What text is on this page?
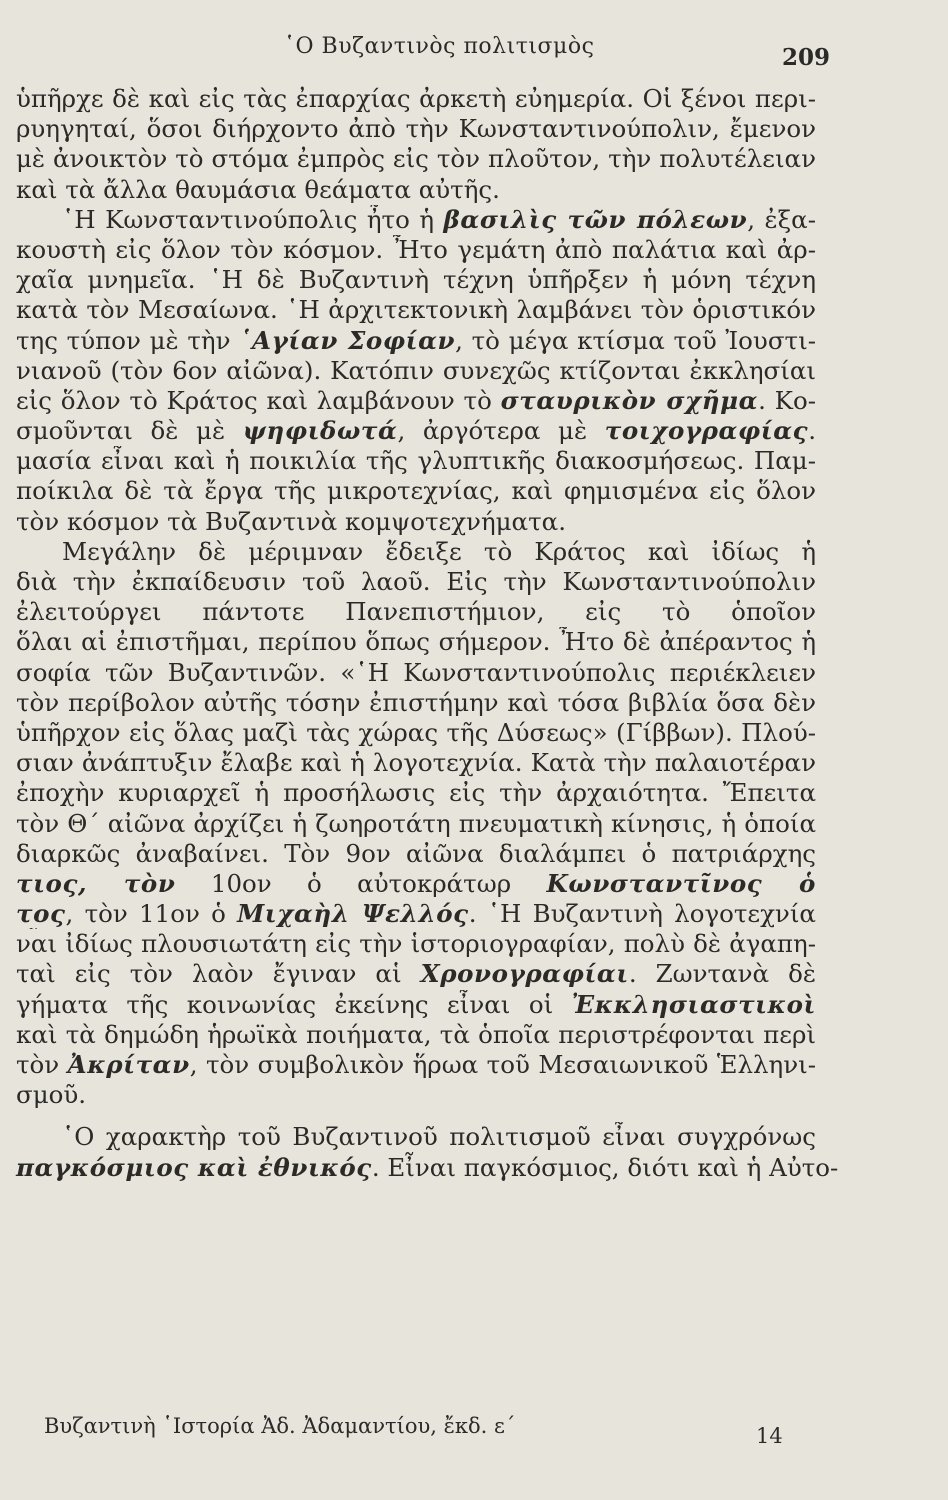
῾Ο Βυζαντινὸς πολιτισμὸς	209
ὑπῆρχε δὲ καὶ εἰς τὰς ἐπαρχίας ἀρκετὴ εὐημερία. Οἱ ξένοι περι-
ρυηγηταί, ὅσοι διήρχοντο ἀπὸ τὴν Κωνσταντινούπολιν, ἔμενον
μὲ ἀνοικτὸν τὸ στόμα ἐμπρὸς εἰς τὸν πλοῦτον, τὴν πολυτέλειαν
καὶ τὰ ἄλλα θαυμάσια θεάματα αὐτῆς.
῾Η Κωνσταντινούπολις ἦτο ἡ βασιλὶς τῶν πόλεων, ἐξα-
κουστὴ εἰς ὅλον τὸν κόσμον. Ἦτο γεμάτη ἀπὸ παλάτια καὶ ἀρ-
χαῖα μνημεῖα. ῾Η δὲ Βυζαντινὴ τέχνη ὑπῆρξεν ἡ μόνη τέχνη
κατὰ τὸν Μεσαίωνα. ῾Η ἀρχιτεκτονικὴ λαμβάνει τὸν ὁριστικόν
της τύπον μὲ τὴν ῾Αγίαν Σοφίαν, τὸ μέγα κτίσμα τοῦ Ἰουστι-
νιανοῦ (τὸν 6ον αἰῶνα). Κατόπιν συνεχῶς κτίζονται ἐκκλησίαι
εἰς ὅλον τὸ Κράτος καὶ λαμβάνουν τὸ σταυρικὸν σχῆμα. Κο-
σμοῦνται δὲ μὲ ψηφιδωτά, ἀργότερα μὲ τοιχογραφίας.
μασία εἶναι καὶ ἡ ποικιλία τῆς γλυπτικῆς διακοσμήσεως. Παμ-
ποίκιλα δὲ τὰ ἔργα τῆς μικροτεχνίας, καὶ φημισμένα εἰς ὅλον
τὸν κόσμον τὰ Βυζαντινὰ κομψοτεχνήματα.
Μεγάλην δὲ μέριμναν ἔδειξε τὸ Κράτος καὶ ἰδίως ἡ
διὰ τὴν ἐκπαίδευσιν τοῦ λαοῦ. Εἰς τὴν Κωνσταντινούπολιν
ἐλειτούργει πάντοτε Πανεπιστήμιον, εἰς τὸ ὁποῖον
ὅλαι αἱ ἐπιστῆμαι, περίπου ὅπως σήμερον. Ἦτο δὲ ἀπέραντος ἡ
σοφία τῶν Βυζαντινῶν. «῾Η Κωνσταντινούπολις περιέκλειεν
τὸν περίβολον αὐτῆς τόσην ἐπιστήμην καὶ τόσα βιβλία ὅσα δὲν
ὑπῆρχον εἰς ὅλας μαζὶ τὰς χώρας τῆς Δύσεως» (Γίββων). Πλού-
σιαν ἀνάπτυξιν ἔλαβε καὶ ἡ λογοτεχνία. Κατὰ τὴν παλαιοτέραν
ἐποχὴν κυριαρχεῖ ἡ προσήλωσις εἰς τὴν ἀρχαιότητα. Ἔπειτα
τὸν Θ΄ αἰῶνα ἀρχίζει ἡ ζωηροτάτη πνευματικὴ κίνησις, ἡ ὁποία
διαρκῶς ἀναβαίνει. Τὸν 9ον αἰῶνα διαλάμπει ὁ πατριάρχης
τιος, τὸν 10ον ὁ αὐτοκράτωρ Κωνσταντῖνος ὁ
τος, τὸν 11ον ὁ Μιχαὴλ Ψελλός. ῾Η Βυζαντινὴ λογοτεχνία
ναι ἰδίως πλουσιωτάτη εἰς τὴν ἱστοριογραφίαν, πολὺ δὲ ἀγαπη-
ταὶ εἰς τὸν λαὸν ἔγιναν αἱ Χρονογραφίαι. Ζωντανὰ δὲ
γήματα τῆς κοινωνίας ἐκείνης εἶναι οἱ Ἐκκλησιαστικοὶ
καὶ τὰ δημώδη ἡρωϊκὰ ποιήματα, τὰ ὁποῖα περιστρέφονται περὶ
τὸν Ἀκρίταν, τὸν συμβολικὸν ἥρωα τοῦ Μεσαιωνικοῦ Ἑλληνι-
σμοῦ.
῾Ο χαρακτὴρ τοῦ Βυζαντινοῦ πολιτισμοῦ εἶναι συγχρόνως
παγκόσμιος καὶ ἐθνικός. Εἶναι παγκόσμιος, διότι καὶ ἡ Αὐτο-
Βυζαντινὴ ῾Ιστορία Ἀδ. Ἀδαμαντίου, ἔκδ. ε΄	14
